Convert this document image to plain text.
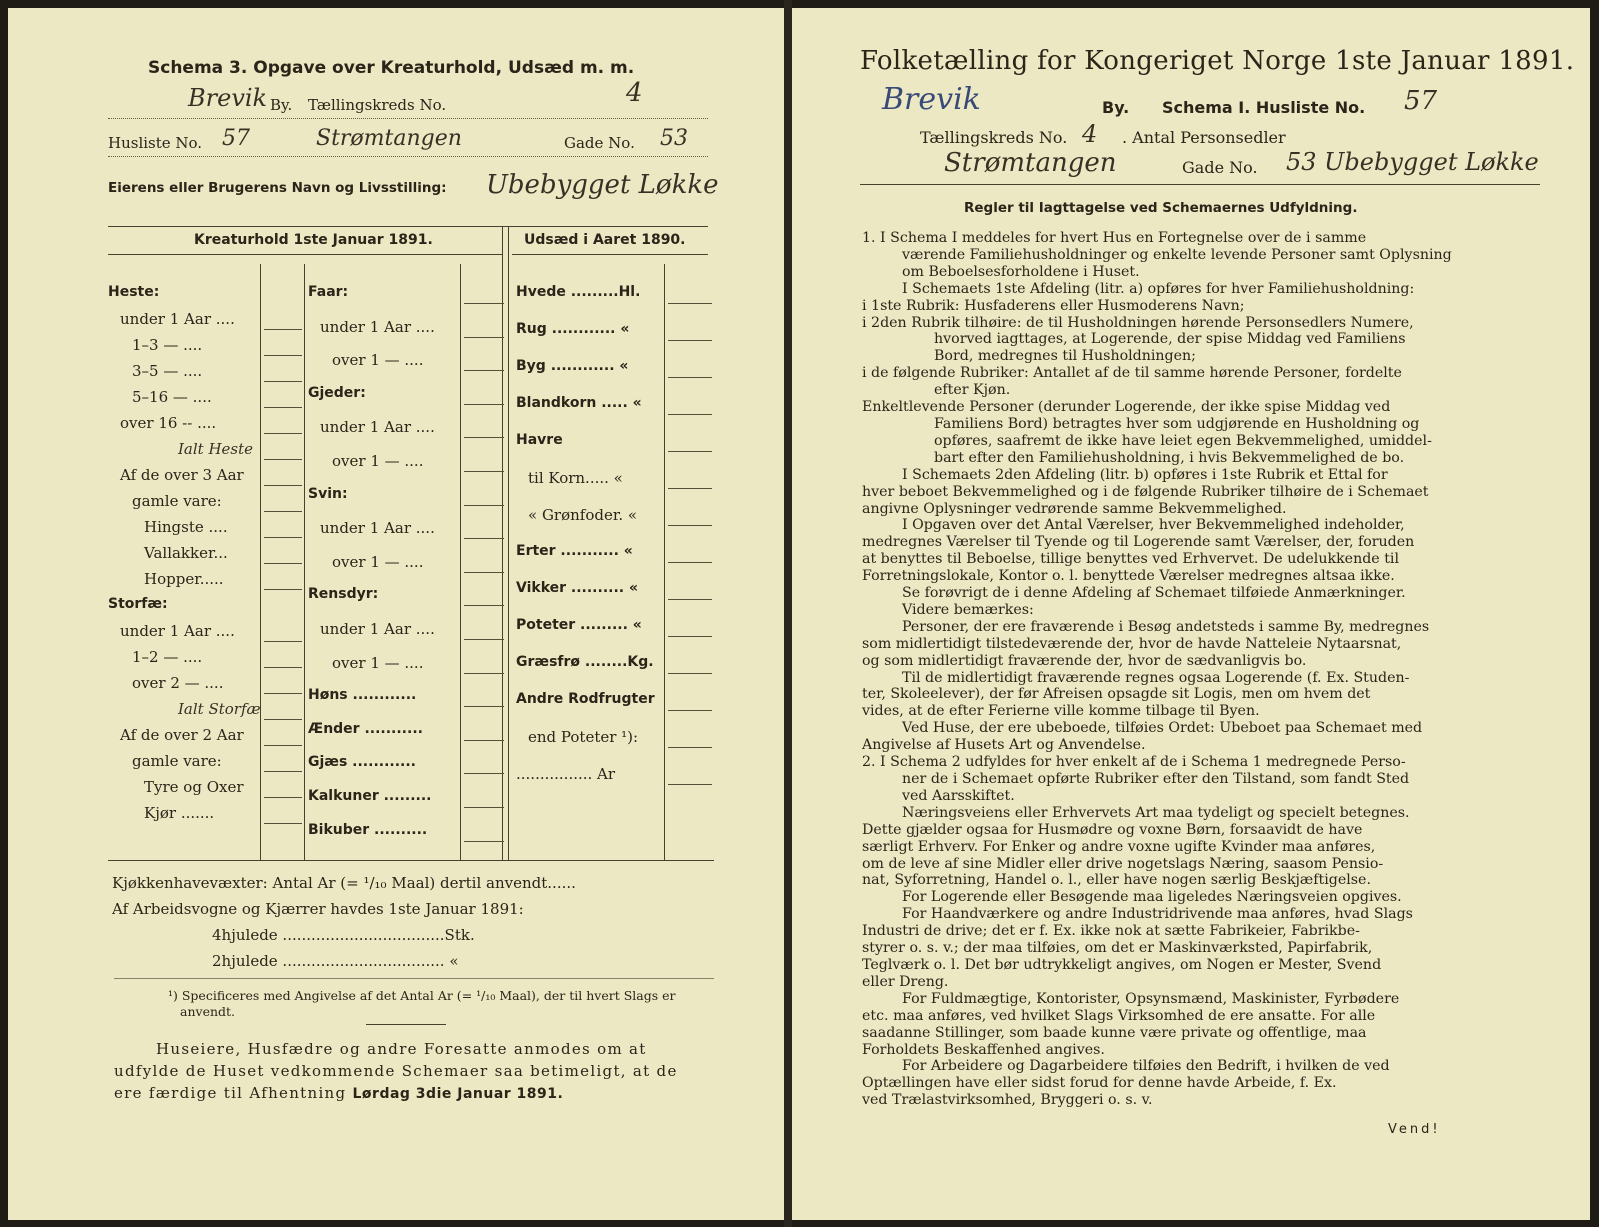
Schema 3. Opgave over Kreaturhold, Udsæd m. m.
Brevik By. Tællingskreds No.	4
Husliste No. 57	Strømtangen	Gade No. 53
Eierens eller Brugerens Navn og Livsstilling: Ubebygget Løkke
Kreaturhold 1ste Januar 1891.	Udsæd i Aaret 1890.
Heste:
under 1 Aar ....
1–3 — ....
3–5 — ....
5–16 — ....
over 16 -- ....
Ialt Heste
Af de over 3 Aar
gamle vare:
Hingste ....
Vallakker...
Hopper.....
Storfæ:
under 1 Aar ....
1–2 — ....
over 2 — ....
Ialt Storfæ
Af de over 2 Aar
gamle vare:
Tyre og Oxer
Kjør .......
Faar:
under 1 Aar ....
over 1 — ....
Gjeder:
under 1 Aar ....
over 1 — ....
Svin:
under 1 Aar ....
over 1 — ....
Rensdyr:
under 1 Aar ....
over 1 — ....
Høns ............
Ænder ...........
Gjæs ............
Kalkuner .........
Bikuber ..........
Hvede .........Hl.
Rug ............ «
Byg ............ «
Blandkorn ..... «
Havre
til Korn..... «
« Grønfoder. «
Erter ........... «
Vikker .......... «
Poteter ......... «
Græsfrø ........Kg.
Andre Rodfrugter
end Poteter ¹):
................ Ar
Kjøkkenhavevæxter: Antal Ar (= ¹/₁₀ Maal) dertil anvendt......
Af Arbeidsvogne og Kjærrer havdes 1ste Januar 1891:
4hjulede ..................................Stk.
2hjulede .................................. «
¹) Specificeres med Angivelse af det Antal Ar (= ¹/₁₀ Maal), der til hvert Slags er
anvendt.
Huseiere, Husfædre og andre Foresatte anmodes om at
udfylde de Huset vedkommende Schemaer saa betimeligt, at de
ere færdige til Afhentning Lørdag 3die Januar 1891.
Folketælling for Kongeriget Norge 1ste Januar 1891.
Brevik	By. Schema I. Husliste No. 57
Tællingskreds No. 4 . Antal Personsedler
Strømtangen	Gade No. 53 Ubebygget Løkke
Regler til Iagttagelse ved Schemaernes Udfyldning.

1. I Schema I meddeles for hvert Hus en Fortegnelse over de i samme

værende Familiehusholdninger og enkelte levende Personer samt Oplysning

om Beboelsesforholdene i Huset.

I Schemaets 1ste Afdeling (litr. a) opføres for hver Familiehusholdning:

i 1ste Rubrik: Husfaderens eller Husmoderens Navn;

i 2den Rubrik tilhøire: de til Husholdningen hørende Personsedlers Numere,

hvorved iagttages, at Logerende, der spise Middag ved Familiens

Bord, medregnes til Husholdningen;

i de følgende Rubriker: Antallet af de til samme hørende Personer, fordelte

efter Kjøn.

Enkeltlevende Personer (derunder Logerende, der ikke spise Middag ved

Familiens Bord) betragtes hver som udgjørende en Husholdning og

opføres, saafremt de ikke have leiet egen Bekvemmelighed, umiddel-

bart efter den Familiehusholdning, i hvis Bekvemmelighed de bo.

I Schemaets 2den Afdeling (litr. b) opføres i 1ste Rubrik et Ettal for

hver beboet Bekvemmelighed og i de følgende Rubriker tilhøire de i Schemaet

angivne Oplysninger vedrørende samme Bekvemmelighed.

I Opgaven over det Antal Værelser, hver Bekvemmelighed indeholder,

medregnes Værelser til Tyende og til Logerende samt Værelser, der, foruden

at benyttes til Beboelse, tillige benyttes ved Erhvervet. De udelukkende til

Forretningslokale, Kontor o. l. benyttede Værelser medregnes altsaa ikke.

Se forøvrigt de i denne Afdeling af Schemaet tilføiede Anmærkninger.

Videre bemærkes:

Personer, der ere fraværende i Besøg andetsteds i samme By, medregnes

som midlertidigt tilstedeværende der, hvor de havde Natteleie Nytaarsnat,

og som midlertidigt fraværende der, hvor de sædvanligvis bo.

Til de midlertidigt fraværende regnes ogsaa Logerende (f. Ex. Studen-

ter, Skoleelever), der før Afreisen opsagde sit Logis, men om hvem det

vides, at de efter Ferierne ville komme tilbage til Byen.

Ved Huse, der ere ubeboede, tilføies Ordet: Ubeboet paa Schemaet med

Angivelse af Husets Art og Anvendelse.

2. I Schema 2 udfyldes for hver enkelt af de i Schema 1 medregnede Perso-

ner de i Schemaet opførte Rubriker efter den Tilstand, som fandt Sted

ved Aarsskiftet.

Næringsveiens eller Erhvervets Art maa tydeligt og specielt betegnes.

Dette gjælder ogsaa for Husmødre og voxne Børn, forsaavidt de have

særligt Erhverv. For Enker og andre voxne ugifte Kvinder maa anføres,

om de leve af sine Midler eller drive nogetslags Næring, saasom Pensio-

nat, Syforretning, Handel o. l., eller have nogen særlig Beskjæftigelse.

For Logerende eller Besøgende maa ligeledes Næringsveien opgives.

For Haandværkere og andre Industridrivende maa anføres, hvad Slags

Industri de drive; det er f. Ex. ikke nok at sætte Fabrikeier, Fabrikbe-

styrer o. s. v.; der maa tilføies, om det er Maskinværksted, Papirfabrik,

Teglværk o. l. Det bør udtrykkeligt angives, om Nogen er Mester, Svend

eller Dreng.

For Fuldmægtige, Kontorister, Opsynsmænd, Maskinister, Fyrbødere

etc. maa anføres, ved hvilket Slags Virksomhed de ere ansatte. For alle

saadanne Stillinger, som baade kunne være private og offentlige, maa

Forholdets Beskaffenhed angives.

For Arbeidere og Dagarbeidere tilføies den Bedrift, i hvilken de ved

Optællingen have eller sidst forud for denne havde Arbeide, f. Ex.

ved Trælastvirksomhed, Bryggeri o. s. v.

Vend!
